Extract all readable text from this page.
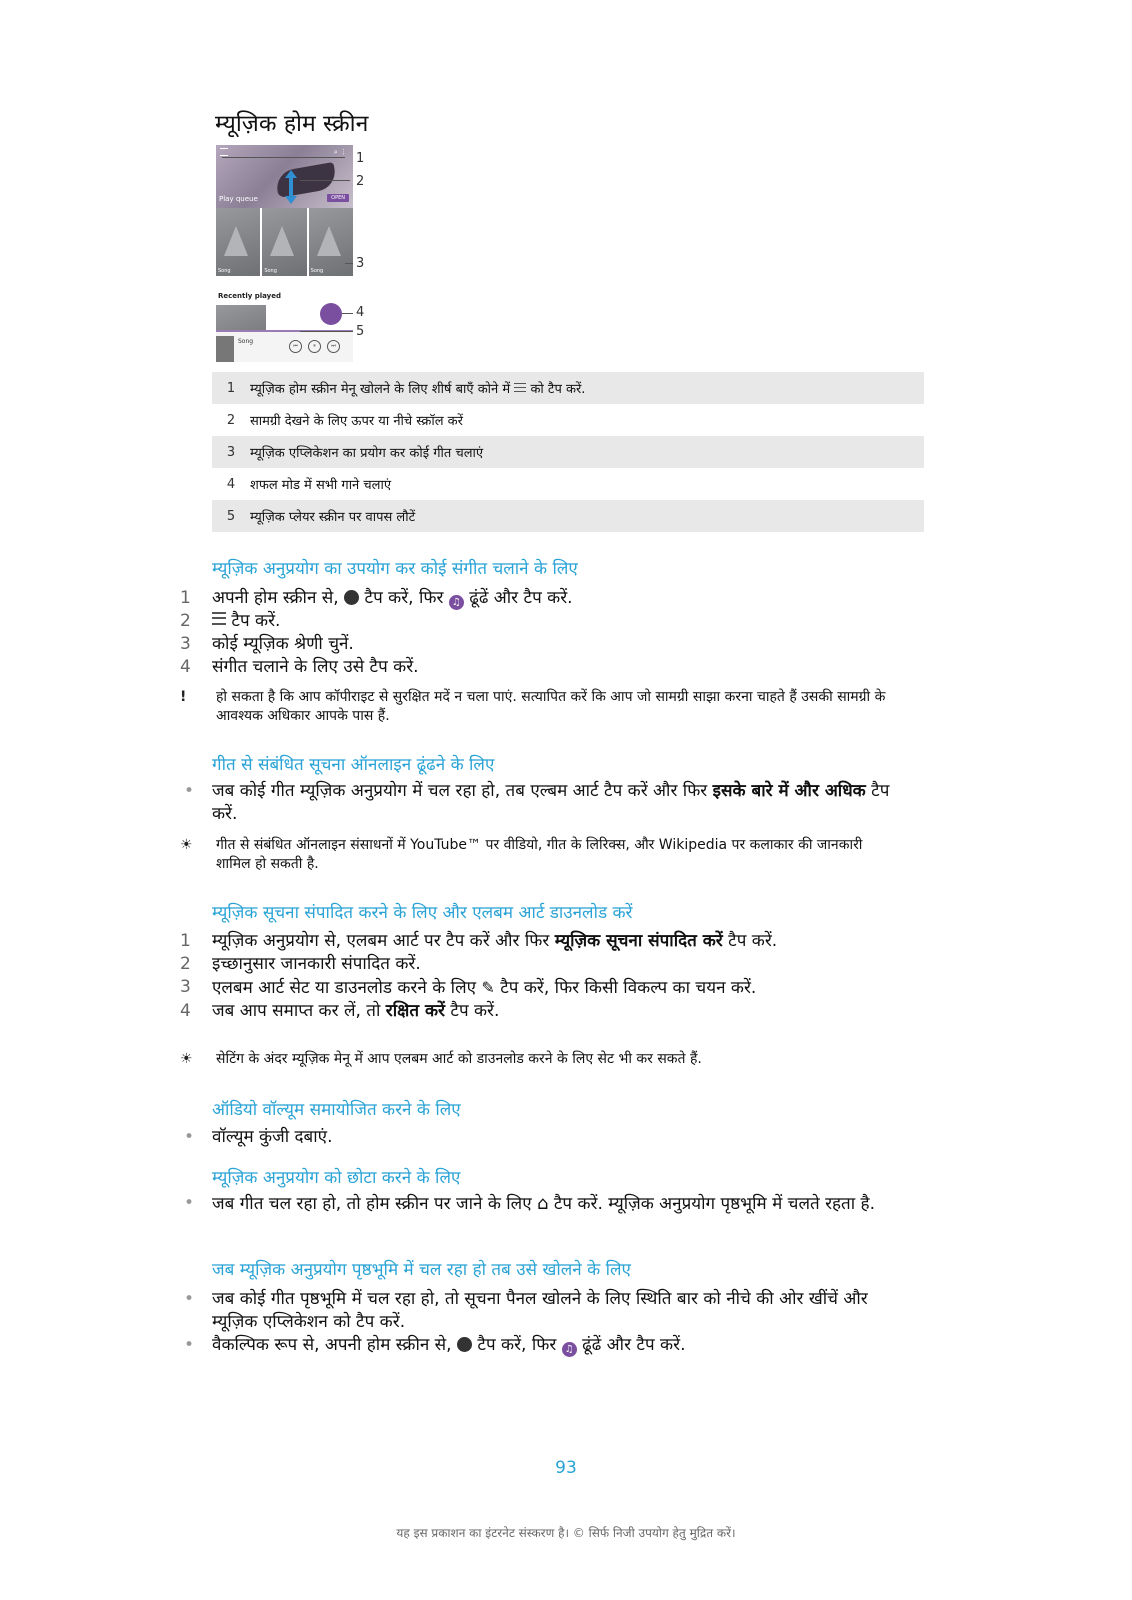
म्यूज़िक होम स्क्रीन
⌕ ⋮
Play queue	OPEN
Song	Song	Song
Recently played
Song
⏮	⏸	⏭
1
2
3
4
5
1	म्यूज़िक होम स्क्रीन मेनू खोलने के लिए शीर्ष बाएँ कोने में को टैप करें.
2	सामग्री देखने के लिए ऊपर या नीचे स्क्रॉल करें
3	म्यूज़िक एप्लिकेशन का प्रयोग कर कोई गीत चलाएं
4	शफल मोड में सभी गाने चलाएं
5	म्यूज़िक प्लेयर स्क्रीन पर वापस लौटें
म्यूज़िक अनुप्रयोग का उपयोग कर कोई संगीत चलाने के लिए
1	अपनी होम स्क्रीन से, टैप करें, फिर ♫ ढूंढें और टैप करें.
2	टैप करें.
3	कोई म्यूज़िक श्रेणी चुनें.
4	संगीत चलाने के लिए उसे टैप करें.
!	हो सकता है कि आप कॉपीराइट से सुरक्षित मदें न चला पाएं. सत्यापित करें कि आप जो सामग्री साझा करना चाहते हैं उसकी सामग्री के आवश्यक अधिकार आपके पास हैं.
गीत से संबंधित सूचना ऑनलाइन ढूंढने के लिए
•	जब कोई गीत म्यूज़िक अनुप्रयोग में चल रहा हो, तब एल्बम आर्ट टैप करें और फिर इसके बारे में और अधिक टैप करें.
☀	गीत से संबंधित ऑनलाइन संसाधनों में YouTube™ पर वीडियो, गीत के लिरिक्स, और Wikipedia पर कलाकार की जानकारी शामिल हो सकती है.
म्यूज़िक सूचना संपादित करने के लिए और एलबम आर्ट डाउनलोड करें
1	म्यूज़िक अनुप्रयोग से, एलबम आर्ट पर टैप करें और फिर म्यूज़िक सूचना संपादित करें टैप करें.
2	इच्छानुसार जानकारी संपादित करें.
3	एलबम आर्ट सेट या डाउनलोड करने के लिए ✎ टैप करें, फिर किसी विकल्प का चयन करें.
4	जब आप समाप्त कर लें, तो रक्षित करें टैप करें.
☀	सेटिंग के अंदर म्यूज़िक मेनू में आप एलबम आर्ट को डाउनलोड करने के लिए सेट भी कर सकते हैं.
ऑडियो वॉल्यूम समायोजित करने के लिए
•	वॉल्यूम कुंजी दबाएं.
म्यूज़िक अनुप्रयोग को छोटा करने के लिए
•	जब गीत चल रहा हो, तो होम स्क्रीन पर जाने के लिए ⌂ टैप करें. म्यूज़िक अनुप्रयोग पृष्ठभूमि में चलते रहता है.
जब म्यूज़िक अनुप्रयोग पृष्ठभूमि में चल रहा हो तब उसे खोलने के लिए
•	जब कोई गीत पृष्ठभूमि में चल रहा हो, तो सूचना पैनल खोलने के लिए स्थिति बार को नीचे की ओर खींचें और म्यूज़िक एप्लिकेशन को टैप करें.
•	वैकल्पिक रूप से, अपनी होम स्क्रीन से, टैप करें, फिर ♫ ढूंढें और टैप करें.
93
यह इस प्रकाशन का इंटरनेट संस्करण है। © सिर्फ निजी उपयोग हेतु मुद्रित करें।
